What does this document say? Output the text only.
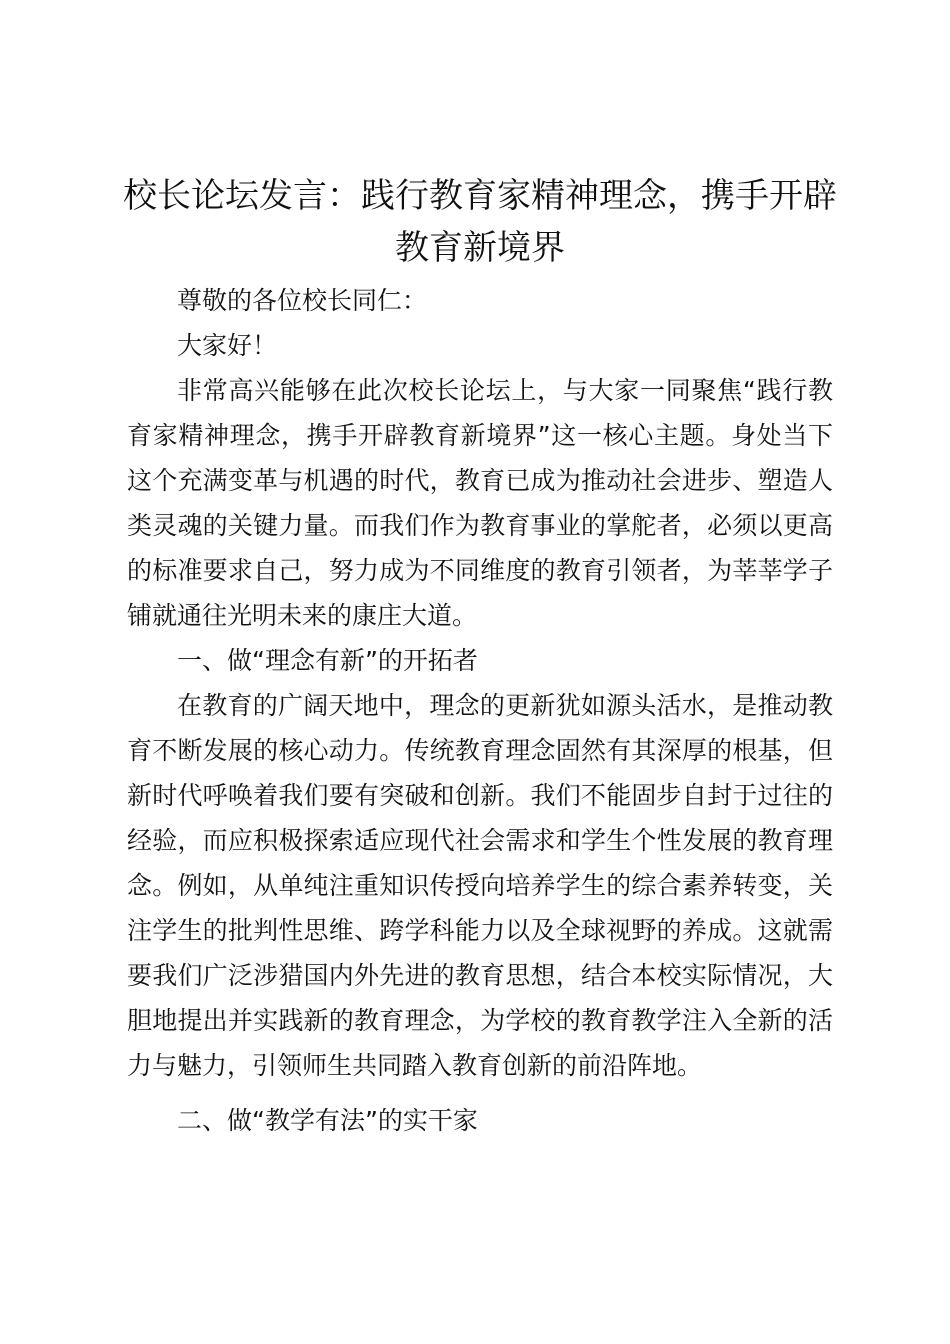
校长论坛发言：践行教育家精神理念，携手开辟教育新境界

尊敬的各位校长同仁：

大家好！

非常高兴能够在此次校长论坛上，与大家一同聚焦“践行教育家精神理念，携手开辟教育新境界”这一核心主题。身处当下这个充满变革与机遇的时代，教育已成为推动社会进步、塑造人类灵魂的关键力量。而我们作为教育事业的掌舵者，必须以更高的标准要求自己，努力成为不同维度的教育引领者，为莘莘学子铺就通往光明未来的康庄大道。

一、做“理念有新”的开拓者

在教育的广阔天地中，理念的更新犹如源头活水，是推动教育不断发展的核心动力。传统教育理念固然有其深厚的根基，但新时代呼唤着我们要有突破和创新。我们不能固步自封于过往的经验，而应积极探索适应现代社会需求和学生个性发展的教育理念。例如，从单纯注重知识传授向培养学生的综合素养转变，关注学生的批判性思维、跨学科能力以及全球视野的养成。这就需要我们广泛涉猎国内外先进的教育思想，结合本校实际情况，大胆地提出并实践新的教育理念，为学校的教育教学注入全新的活力与魅力，引领师生共同踏入教育创新的前沿阵地。

二、做“教学有法”的实干家
